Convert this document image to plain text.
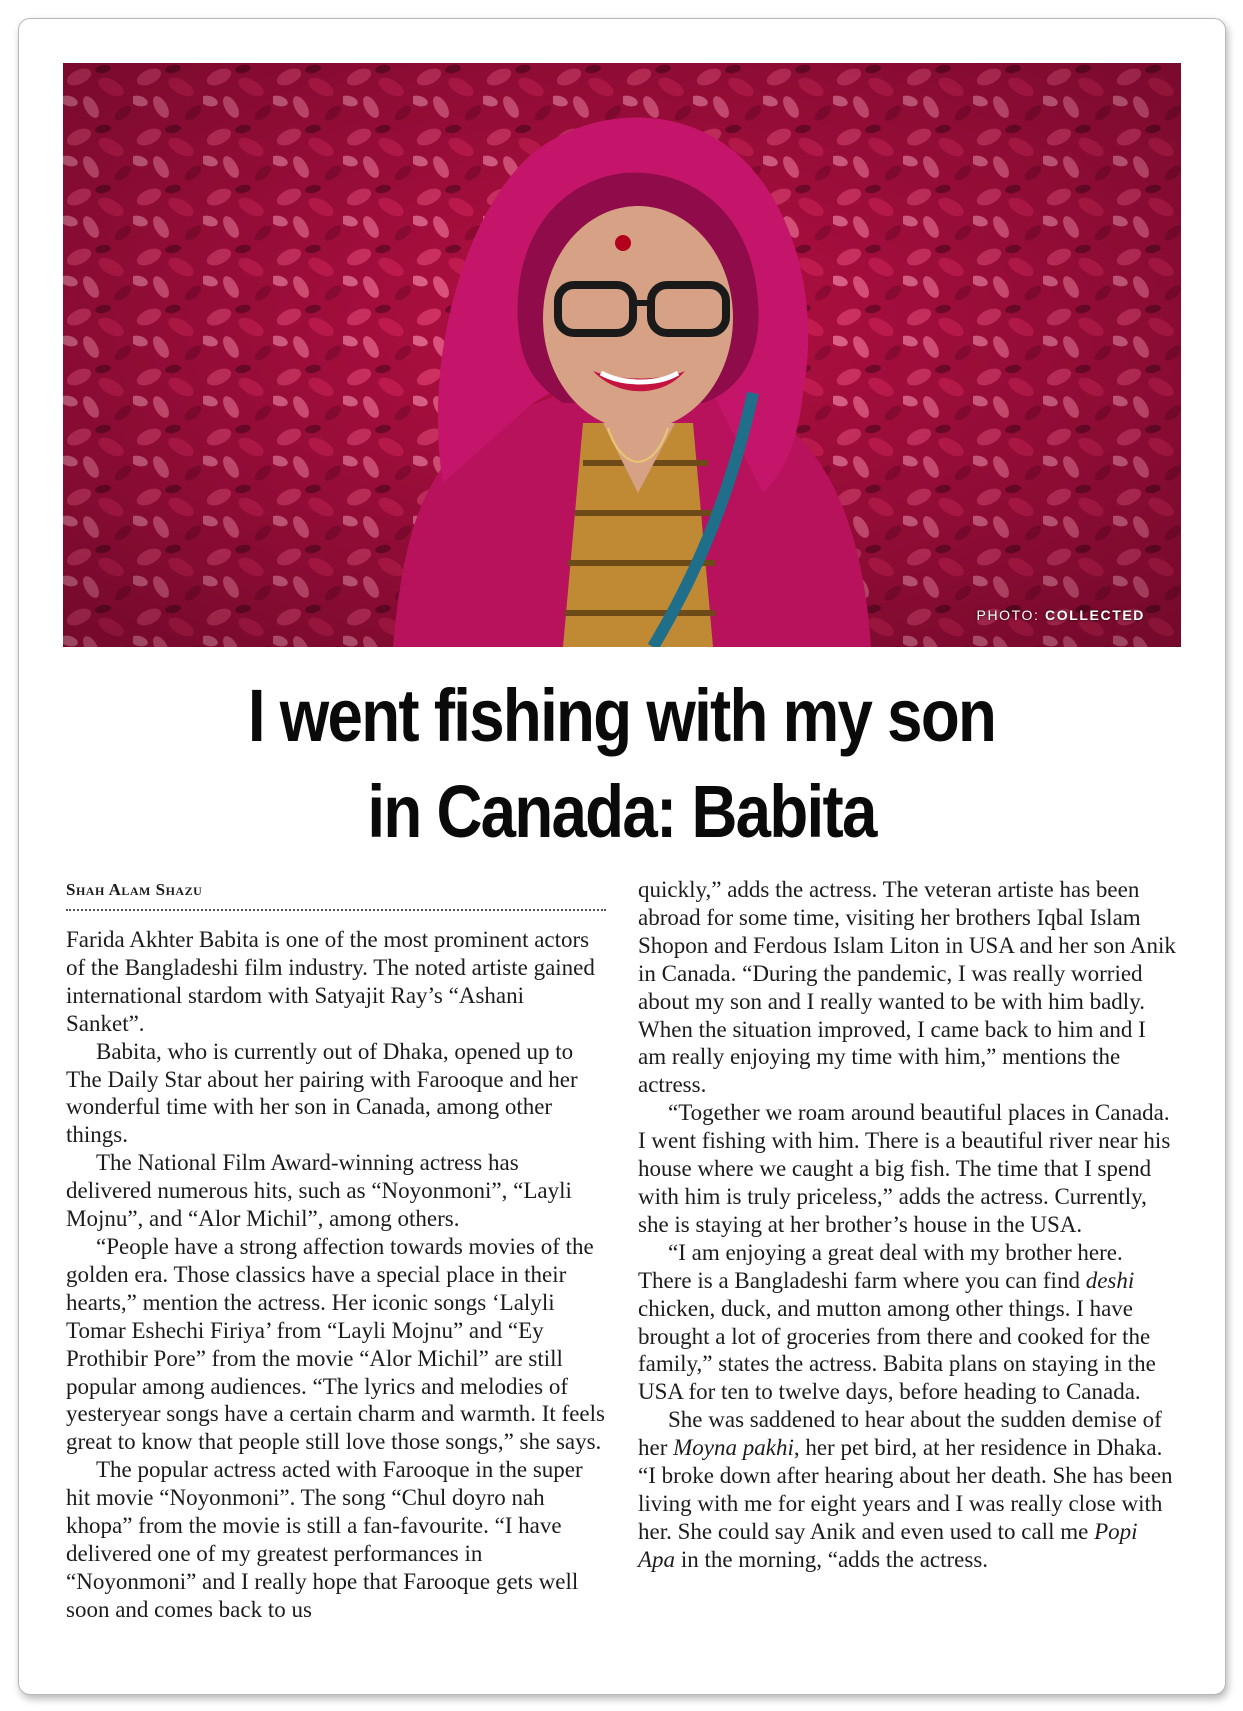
PHOTO: COLLECTED
I went fishing with my son
in Canada: Babita
Shah Alam Shazu

Farida Akhter Babita is one of the most prominent actors of the Bangladeshi film industry. The noted artiste gained international stardom with Satyajit Ray’s “Ashani Sanket”.

Babita, who is currently out of Dhaka, opened up to The Daily Star about her pairing with Farooque and her wonderful time with her son in Canada, among other things.

The National Film Award-winning actress has delivered numerous hits, such as “Noyonmoni”, “Layli Mojnu”, and “Alor Michil”, among others.

“People have a strong affection towards movies of the golden era. Those classics have a special place in their hearts,” mention the actress. Her iconic songs ‘Lalyli Tomar Eshechi Firiya’ from “Layli Mojnu” and “Ey Prothibir Pore” from the movie “Alor Michil” are still popular among audiences. “The lyrics and melodies of yesteryear songs have a certain charm and warmth. It feels great to know that people still love those songs,” she says.

The popular actress acted with Farooque in the super hit movie “Noyonmoni”. The song “Chul doyro nah khopa” from the movie is still a fan-favourite. “I have delivered one of my greatest performances in “Noyonmoni” and I really hope that Farooque gets well soon and comes back to us

quickly,” adds the actress. The veteran artiste has been abroad for some time, visiting her brothers Iqbal Islam Shopon and Ferdous Islam Liton in USA and her son Anik in Canada. “During the pandemic, I was really worried about my son and I really wanted to be with him badly. When the situation improved, I came back to him and I am really enjoying my time with him,” mentions the actress.

“Together we roam around beautiful places in Canada. I went fishing with him. There is a beautiful river near his house where we caught a big fish. The time that I spend with him is truly priceless,” adds the actress. Currently, she is staying at her brother’s house in the USA.

“I am enjoying a great deal with my brother here. There is a Bangladeshi farm where you can find deshi chicken, duck, and mutton among other things. I have brought a lot of groceries from there and cooked for the family,” states the actress. Babita plans on staying in the USA for ten to twelve days, before heading to Canada.

She was saddened to hear about the sudden demise of her Moyna pakhi, her pet bird, at her residence in Dhaka. “I broke down after hearing about her death. She has been living with me for eight years and I was really close with her. She could say Anik and even used to call me Popi Apa in the morning, “adds the actress.
